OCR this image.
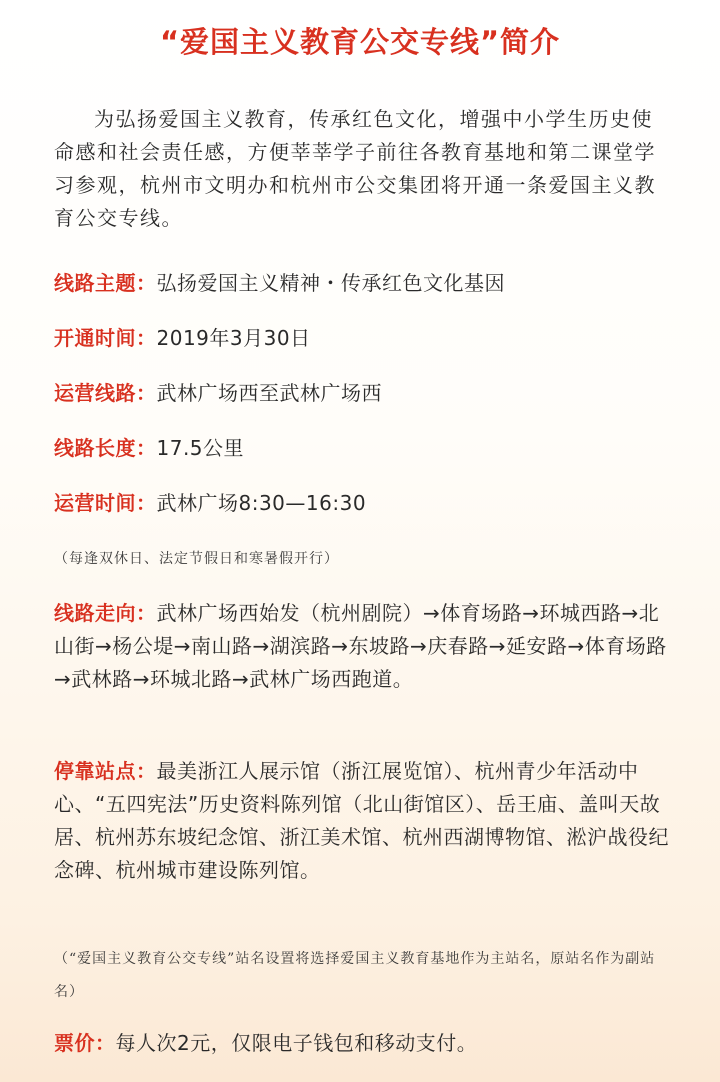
“爱国主义教育公交专线”简介
为弘扬爱国主义教育，传承红色文化，增强中小学生历史使命感和社会责任感，方便莘莘学子前往各教育基地和第二课堂学习参观，杭州市文明办和杭州市公交集团将开通一条爱国主义教育公交专线。
线路主题：弘扬爱国主义精神・传承红色文化基因
开通时间：2019年3月30日
运营线路：武林广场西至武林广场西
线路长度：17.5公里
运营时间：武林广场8:30—16:30
（每逢双休日、法定节假日和寒暑假开行）
线路走向：武林广场西始发（杭州剧院）→体育场路→环城西路→北山街→杨公堤→南山路→湖滨路→东坡路→庆春路→延安路→体育场路→武林路→环城北路→武林广场西跑道。
停靠站点：最美浙江人展示馆（浙江展览馆）、杭州青少年活动中心、“五四宪法”历史资料陈列馆（北山街馆区）、岳王庙、盖叫天故居、杭州苏东坡纪念馆、浙江美术馆、杭州西湖博物馆、淞沪战役纪念碑、杭州城市建设陈列馆。
（“爱国主义教育公交专线”站名设置将选择爱国主义教育基地作为主站名，原站名作为副站名）
票价：每人次2元，仅限电子钱包和移动支付。
